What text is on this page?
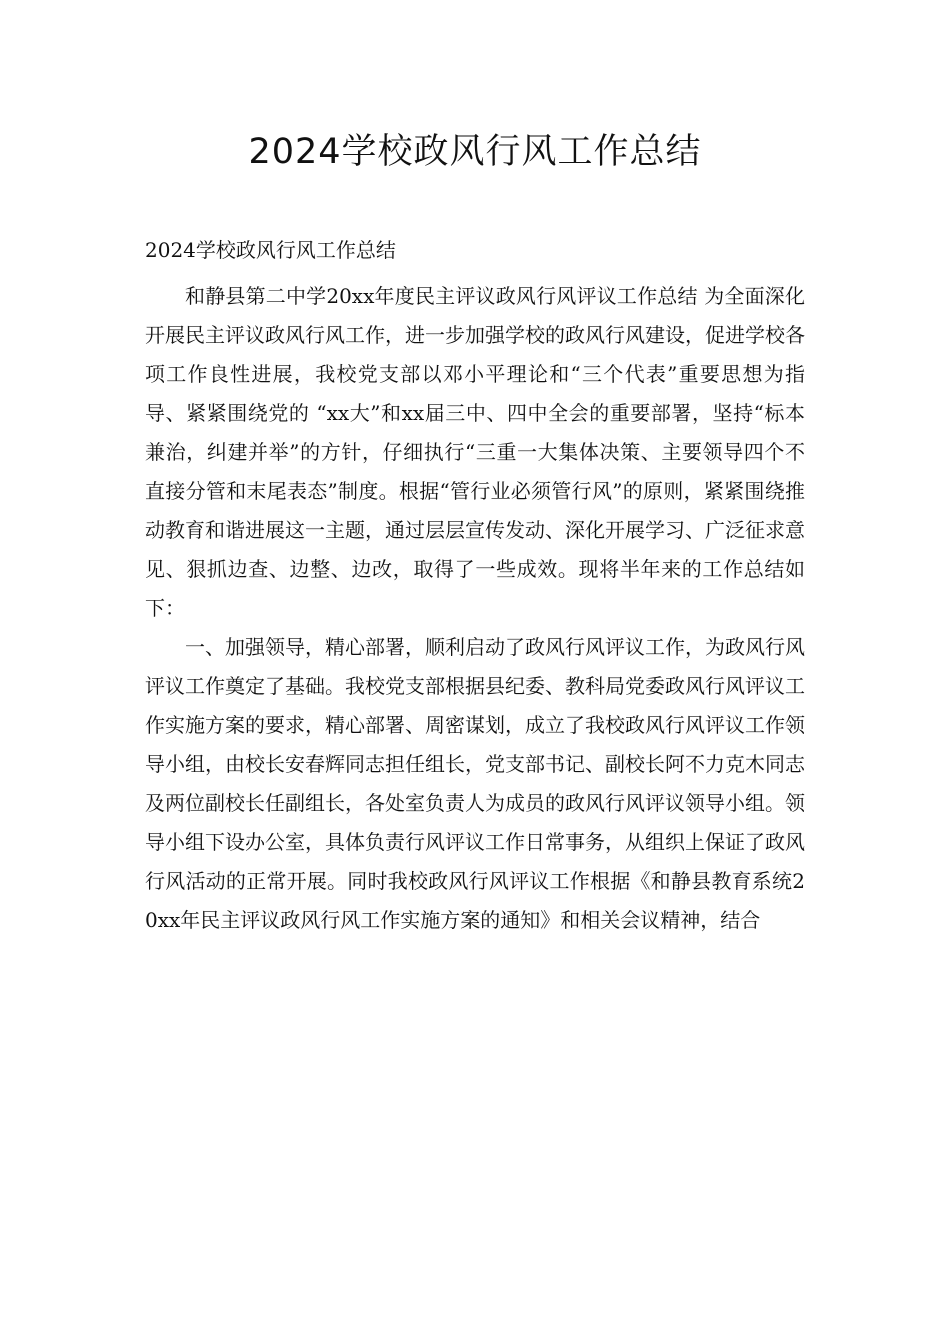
2024学校政风行风工作总结

2024学校政风行风工作总结

和静县第二中学20xx年度民主评议政风行风评议工作总结 为全面深化开展民主评议政风行风工作，进一步加强学校的政风行风建设，促进学校各项工作良性进展，我校党支部以邓小平理论和“三个代表”重要思想为指导、紧紧围绕党的 “xx大”和xx届三中、四中全会的重要部署，坚持“标本兼治，纠建并举”的方针，仔细执行“三重一大集体决策、主要领导四个不直接分管和末尾表态”制度。根据“管行业必须管行风”的原则，紧紧围绕推动教育和谐进展这一主题，通过层层宣传发动、深化开展学习、广泛征求意见、狠抓边查、边整、边改，取得了一些成效。现将半年来的工作总结如下：

一、加强领导，精心部署，顺利启动了政风行风评议工作，为政风行风评议工作奠定了基础。我校党支部根据县纪委、教科局党委政风行风评议工作实施方案的要求，精心部署、周密谋划，成立了我校政风行风评议工作领导小组，由校长安春辉同志担任组长，党支部书记、副校长阿不力克木同志及两位副校长任副组长，各处室负责人为成员的政风行风评议领导小组。领导小组下设办公室，具体负责行风评议工作日常事务，从组织上保证了政风行风活动的正常开展。同时我校政风行风评议工作根据《和静县教育系统20xx年民主评议政风行风工作实施方案的通知》和相关会议精神，结合
